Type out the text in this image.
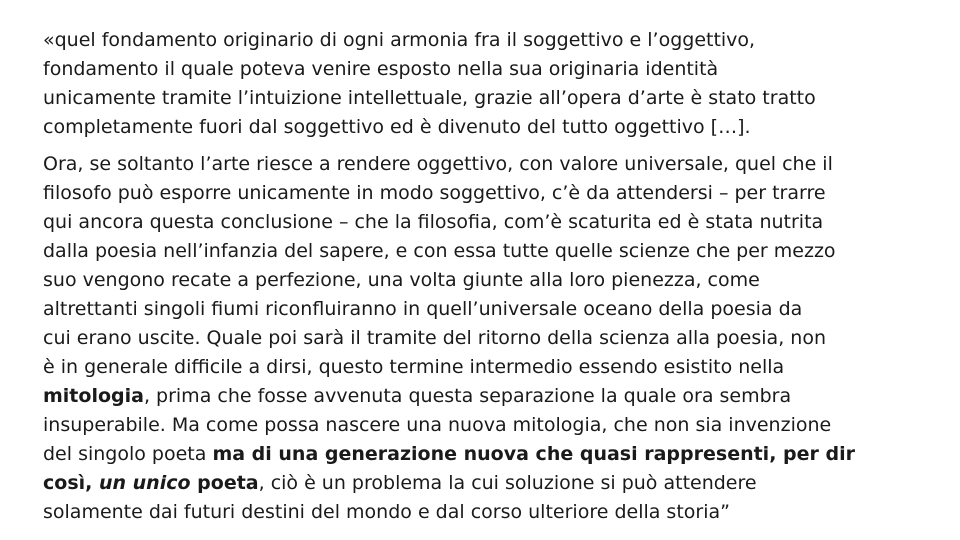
«quel fondamento originario di ogni armonia fra il soggettivo e l’oggettivo,
fondamento il quale poteva venire esposto nella sua originaria identità
unicamente tramite l’intuizione intellettuale, grazie all’opera d’arte è stato tratto
completamente fuori dal soggettivo ed è divenuto del tutto oggettivo […].

Ora, se soltanto l’arte riesce a rendere oggettivo, con valore universale, quel che il
filosofo può esporre unicamente in modo soggettivo, c’è da attendersi – per trarre
qui ancora questa conclusione – che la filosofia, com’è scaturita ed è stata nutrita
dalla poesia nell’infanzia del sapere, e con essa tutte quelle scienze che per mezzo
suo vengono recate a perfezione, una volta giunte alla loro pienezza, come
altrettanti singoli fiumi riconfluiranno in quell’universale oceano della poesia da
cui erano uscite. Quale poi sarà il tramite del ritorno della scienza alla poesia, non
è in generale difficile a dirsi, questo termine intermedio essendo esistito nella
mitologia, prima che fosse avvenuta questa separazione la quale ora sembra
insuperabile. Ma come possa nascere una nuova mitologia, che non sia invenzione
del singolo poeta ma di una generazione nuova che quasi rappresenti, per dir
così, un unico poeta, ciò è un problema la cui soluzione si può attendere
solamente dai futuri destini del mondo e dal corso ulteriore della storia”
